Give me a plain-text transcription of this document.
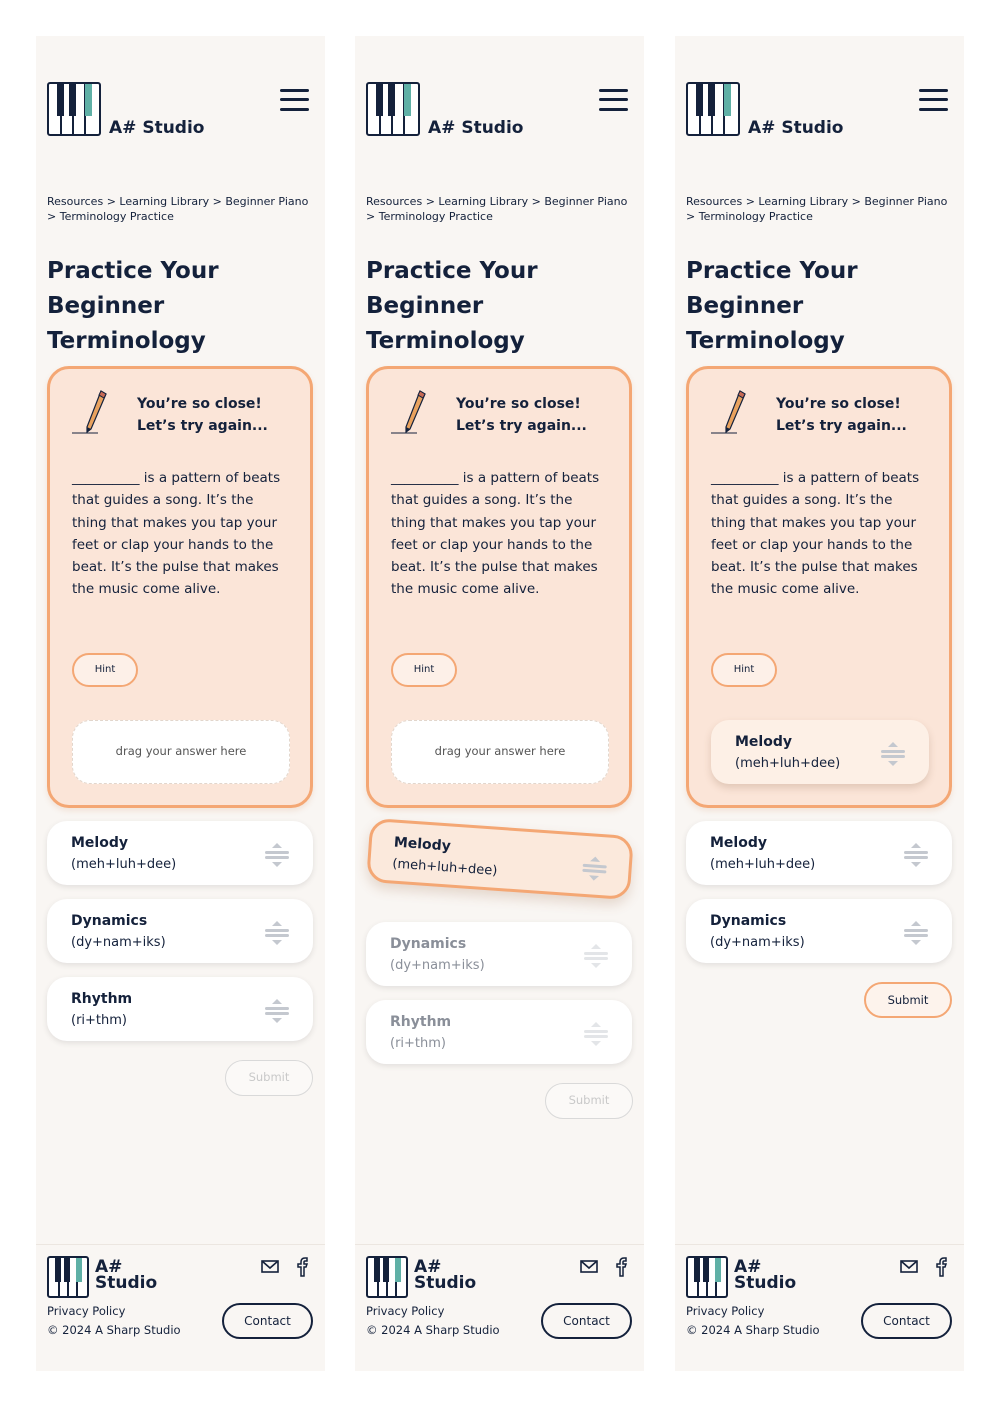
A# Studio
Resources > Learning Library > Beginner Piano > Terminology Practice
Practice Your Beginner Terminology
You’re so close!
Let’s try again...
__________ is a pattern of beats that guides a song. It’s the thing that makes you tap your feet or clap your hands to the beat. It’s the pulse that makes the music come alive.
Hint
drag your answer here
Melody
(meh+luh+dee)
Dynamics
(dy+nam+iks)
Rhythm
(ri+thm)
Submit
A#
Studio
Privacy Policy
© 2024 A Sharp Studio
Contact
A# Studio
Resources > Learning Library > Beginner Piano > Terminology Practice
Practice Your Beginner Terminology
You’re so close!
Let’s try again...
__________ is a pattern of beats that guides a song. It’s the thing that makes you tap your feet or clap your hands to the beat. It’s the pulse that makes the music come alive.
Hint
drag your answer here
Melody
(meh+luh+dee)
Dynamics
(dy+nam+iks)
Rhythm
(ri+thm)
Submit
A#
Studio
Privacy Policy
© 2024 A Sharp Studio
Contact
A# Studio
Resources > Learning Library > Beginner Piano > Terminology Practice
Practice Your Beginner Terminology
You’re so close!
Let’s try again...
__________ is a pattern of beats that guides a song. It’s the thing that makes you tap your feet or clap your hands to the beat. It’s the pulse that makes the music come alive.
Hint
Melody
(meh+luh+dee)
Melody
(meh+luh+dee)
Dynamics
(dy+nam+iks)
Submit
A#
Studio
Privacy Policy
© 2024 A Sharp Studio
Contact
